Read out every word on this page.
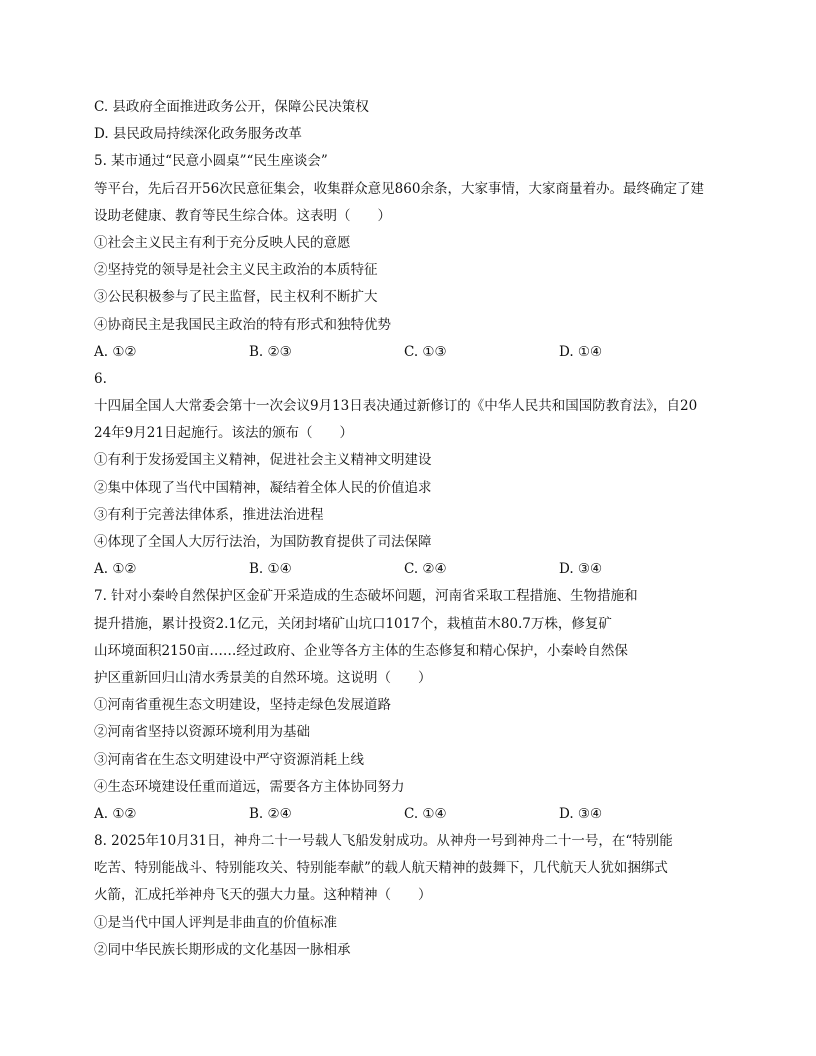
C. 县政府全面推进政务公开，保障公民决策权
D. 县民政局持续深化政务服务改革
5. 某市通过“民意小圆桌”“民生座谈会”
等平台，先后召开56次民意征集会，收集群众意见860余条，大家事情，大家商量着办。最终确定了建
设助老健康、教育等民生综合体。这表明（　　）
①社会主义民主有利于充分反映人民的意愿
②坚持党的领导是社会主义民主政治的本质特征
③公民积极参与了民主监督，民主权利不断扩大
④协商民主是我国民主政治的特有形式和独特优势
A. ①②	B. ②③	C. ①③	D. ①④
6.
十四届全国人大常委会第十一次会议9月13日表决通过新修订的《中华人民共和国国防教育法》，自20
24年9月21日起施行。该法的颁布（　　）
①有利于发扬爱国主义精神，促进社会主义精神文明建设
②集中体现了当代中国精神，凝结着全体人民的价值追求
③有利于完善法律体系，推进法治进程
④体现了全国人大厉行法治，为国防教育提供了司法保障
A. ①②	B. ①④	C. ②④	D. ③④
7. 针对小秦岭自然保护区金矿开采造成的生态破坏问题，河南省采取工程措施、生物措施和
提升措施，累计投资2.1亿元，关闭封堵矿山坑口1017个，栽植苗木80.7万株，修复矿
山环境面积2150亩……经过政府、企业等各方主体的生态修复和精心保护，小秦岭自然保
护区重新回归山清水秀景美的自然环境。这说明（　　）
①河南省重视生态文明建设，坚持走绿色发展道路
②河南省坚持以资源环境利用为基础
③河南省在生态文明建设中严守资源消耗上线
④生态环境建设任重而道远，需要各方主体协同努力
A. ①②	B. ②④	C. ①④	D. ③④
8. 2025年10月31日，神舟二十一号载人飞船发射成功。从神舟一号到神舟二十一号，在“特别能
吃苦、特别能战斗、特别能攻关、特别能奉献”的载人航天精神的鼓舞下，几代航天人犹如捆绑式
火箭，汇成托举神舟飞天的强大力量。这种精神（　　）
①是当代中国人评判是非曲直的价值标准
②同中华民族长期形成的文化基因一脉相承
